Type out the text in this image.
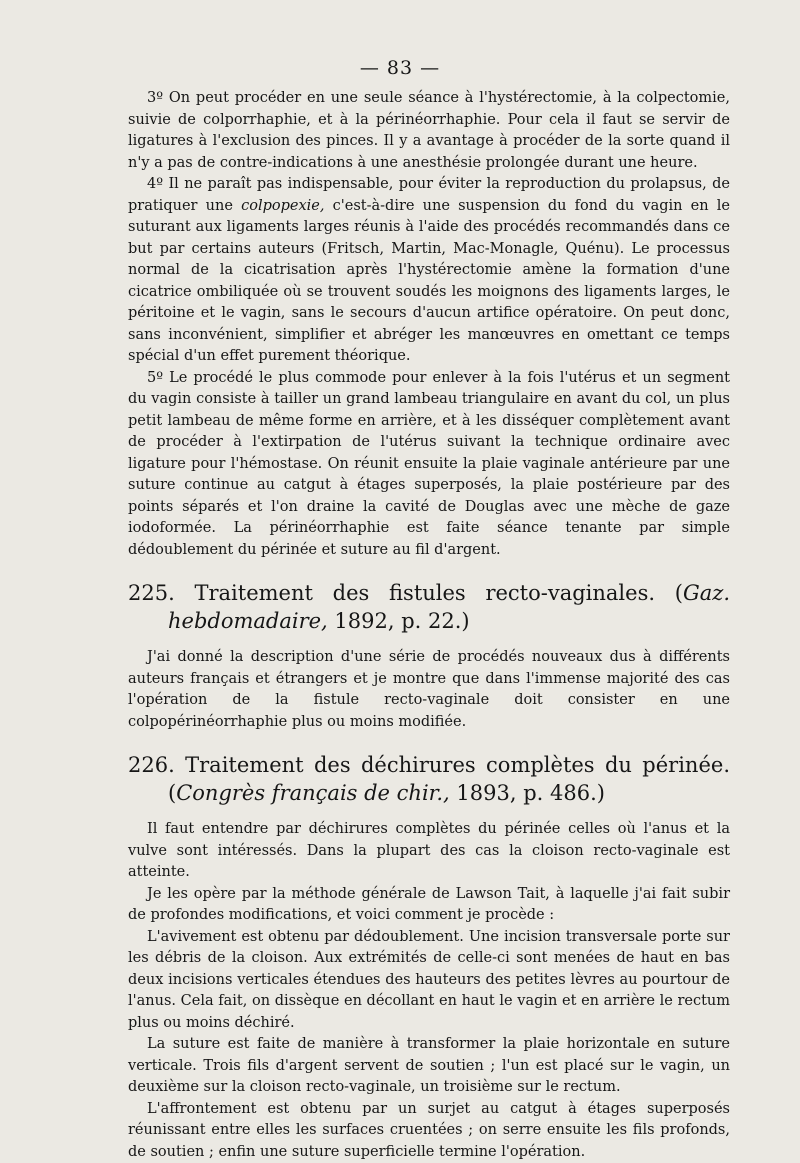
— 83 —

3º On peut procéder en une seule séance à l'hystérectomie, à la colpectomie, suivie de colporrhaphie, et à la périnéorrhaphie. Pour cela il faut se servir de ligatures à l'exclusion des pinces. Il y a avantage à procéder de la sorte quand il n'y a pas de contre-indications à une anesthésie prolongée durant une heure.

4º Il ne paraît pas indispensable, pour éviter la reproduction du prolapsus, de pratiquer une colpopexie, c'est-à-dire une suspension du fond du vagin en le suturant aux ligaments larges réunis à l'aide des procédés recommandés dans ce but par certains auteurs (Fritsch, Martin, Mac-Monagle, Quénu). Le processus normal de la cicatrisation après l'hystérectomie amène la formation d'une cicatrice ombiliquée où se trouvent soudés les moignons des ligaments larges, le péritoine et le vagin, sans le secours d'aucun artifice opératoire. On peut donc, sans inconvénient, simplifier et abréger les manœuvres en omettant ce temps spécial d'un effet purement théorique.

5º Le procédé le plus commode pour enlever à la fois l'utérus et un segment du vagin consiste à tailler un grand lambeau triangulaire en avant du col, un plus petit lambeau de même forme en arrière, et à les disséquer complètement avant de procéder à l'extirpation de l'utérus suivant la technique ordinaire avec ligature pour l'hémostase. On réunit ensuite la plaie vaginale antérieure par une suture continue au catgut à étages superposés, la plaie postérieure par des points séparés et l'on draine la cavité de Douglas avec une mèche de gaze iodoformée. La périnéorrhaphie est faite séance tenante par simple dédoublement du périnée et suture au fil d'argent.

225. Traitement des fistules recto-vaginales. (Gaz. hebdomadaire, 1892, p. 22.)

J'ai donné la description d'une série de procédés nouveaux dus à différents auteurs français et étrangers et je montre que dans l'immense majorité des cas l'opération de la fistule recto-vaginale doit consister en une colpopérinéorrhaphie plus ou moins modifiée.

226. Traitement des déchirures complètes du périnée. (Congrès français de chir., 1893, p. 486.)

Il faut entendre par déchirures complètes du périnée celles où l'anus et la vulve sont intéressés. Dans la plupart des cas la cloison recto-vaginale est atteinte.

Je les opère par la méthode générale de Lawson Tait, à laquelle j'ai fait subir de profondes modifications, et voici comment je procède :

L'avivement est obtenu par dédoublement. Une incision transversale porte sur les débris de la cloison. Aux extrémités de celle-ci sont menées de haut en bas deux incisions verticales étendues des hauteurs des petites lèvres au pourtour de l'anus. Cela fait, on dissèque en décollant en haut le vagin et en arrière le rectum plus ou moins déchiré.

La suture est faite de manière à transformer la plaie horizontale en suture verticale. Trois fils d'argent servent de soutien ; l'un est placé sur le vagin, un deuxième sur la cloison recto-vaginale, un troisième sur le rectum.

L'affrontement est obtenu par un surjet au catgut à étages superposés réunissant entre elles les surfaces cruentées ; on serre ensuite les fils profonds, de soutien ; enfin une suture superficielle termine l'opération.
